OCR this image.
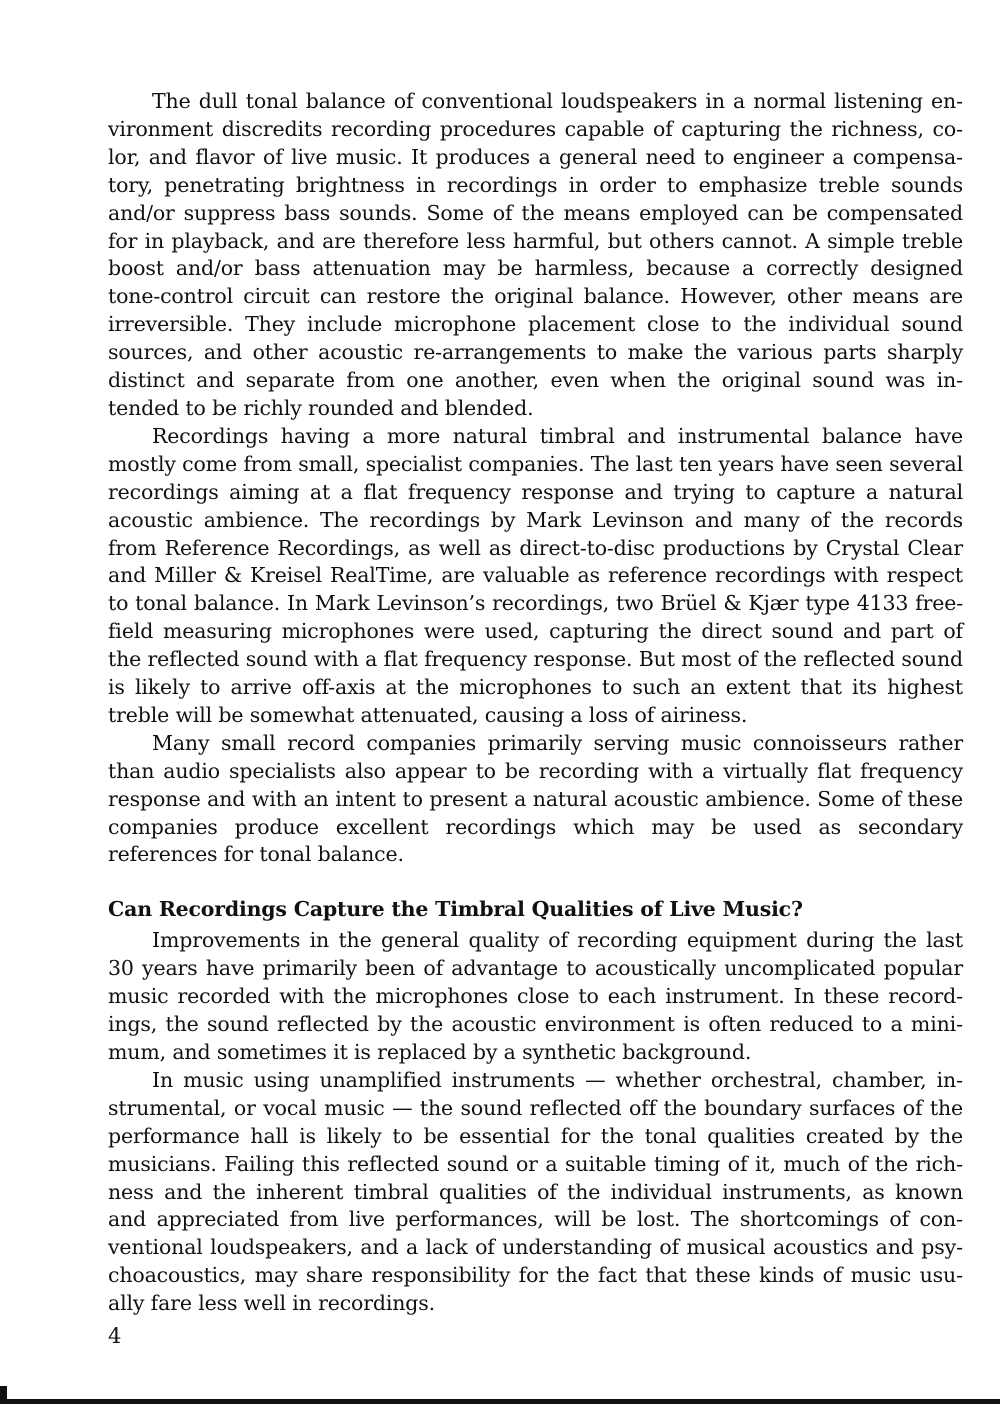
The dull tonal balance of conventional loudspeakers in a normal listening environment discredits recording procedures capable of capturing the richness, color, and flavor of live music. It produces a general need to engineer a compensatory, penetrating brightness in recordings in order to emphasize treble sounds and/or suppress bass sounds. Some of the means employed can be compensated for in playback, and are therefore less harmful, but others cannot. A simple treble boost and/or bass attenuation may be harmless, because a correctly designed tone-control circuit can restore the original balance. However, other means are irreversible. They include microphone placement close to the individual sound sources, and other acoustic re-arrangements to make the various parts sharply distinct and separate from one another, even when the original sound was intended to be richly rounded and blended.

Recordings having a more natural timbral and instrumental balance have mostly come from small, specialist companies. The last ten years have seen several recordings aiming at a flat frequency response and trying to capture a natural acoustic ambience. The recordings by Mark Levinson and many of the records from Reference Recordings, as well as direct-to-disc productions by Crystal Clear and Miller & Kreisel RealTime, are valuable as reference recordings with respect to tonal balance. In Mark Levinson’s recordings, two Brüel & Kjær type 4133 free-field measuring microphones were used, capturing the direct sound and part of the reflected sound with a flat frequency response. But most of the reflected sound is likely to arrive off-axis at the microphones to such an extent that its highest treble will be somewhat attenuated, causing a loss of airiness.

Many small record companies primarily serving music connoisseurs rather than audio specialists also appear to be recording with a virtually flat frequency response and with an intent to present a natural acoustic ambience. Some of these companies produce excellent recordings which may be used as secondary references for tonal balance.

Can Recordings Capture the Timbral Qualities of Live Music?

Improvements in the general quality of recording equipment during the last 30 years have primarily been of advantage to acoustically uncomplicated popular music recorded with the microphones close to each instrument. In these recordings, the sound reflected by the acoustic environment is often reduced to a minimum, and sometimes it is replaced by a synthetic background.

In music using unamplified instruments — whether orchestral, chamber, instrumental, or vocal music — the sound reflected off the boundary surfaces of the performance hall is likely to be essential for the tonal qualities created by the musicians. Failing this reflected sound or a suitable timing of it, much of the richness and the inherent timbral qualities of the individual instruments, as known and appreciated from live performances, will be lost. The shortcomings of conventional loudspeakers, and a lack of understanding of musical acoustics and psychoacoustics, may share responsibility for the fact that these kinds of music usually fare less well in recordings.

4
